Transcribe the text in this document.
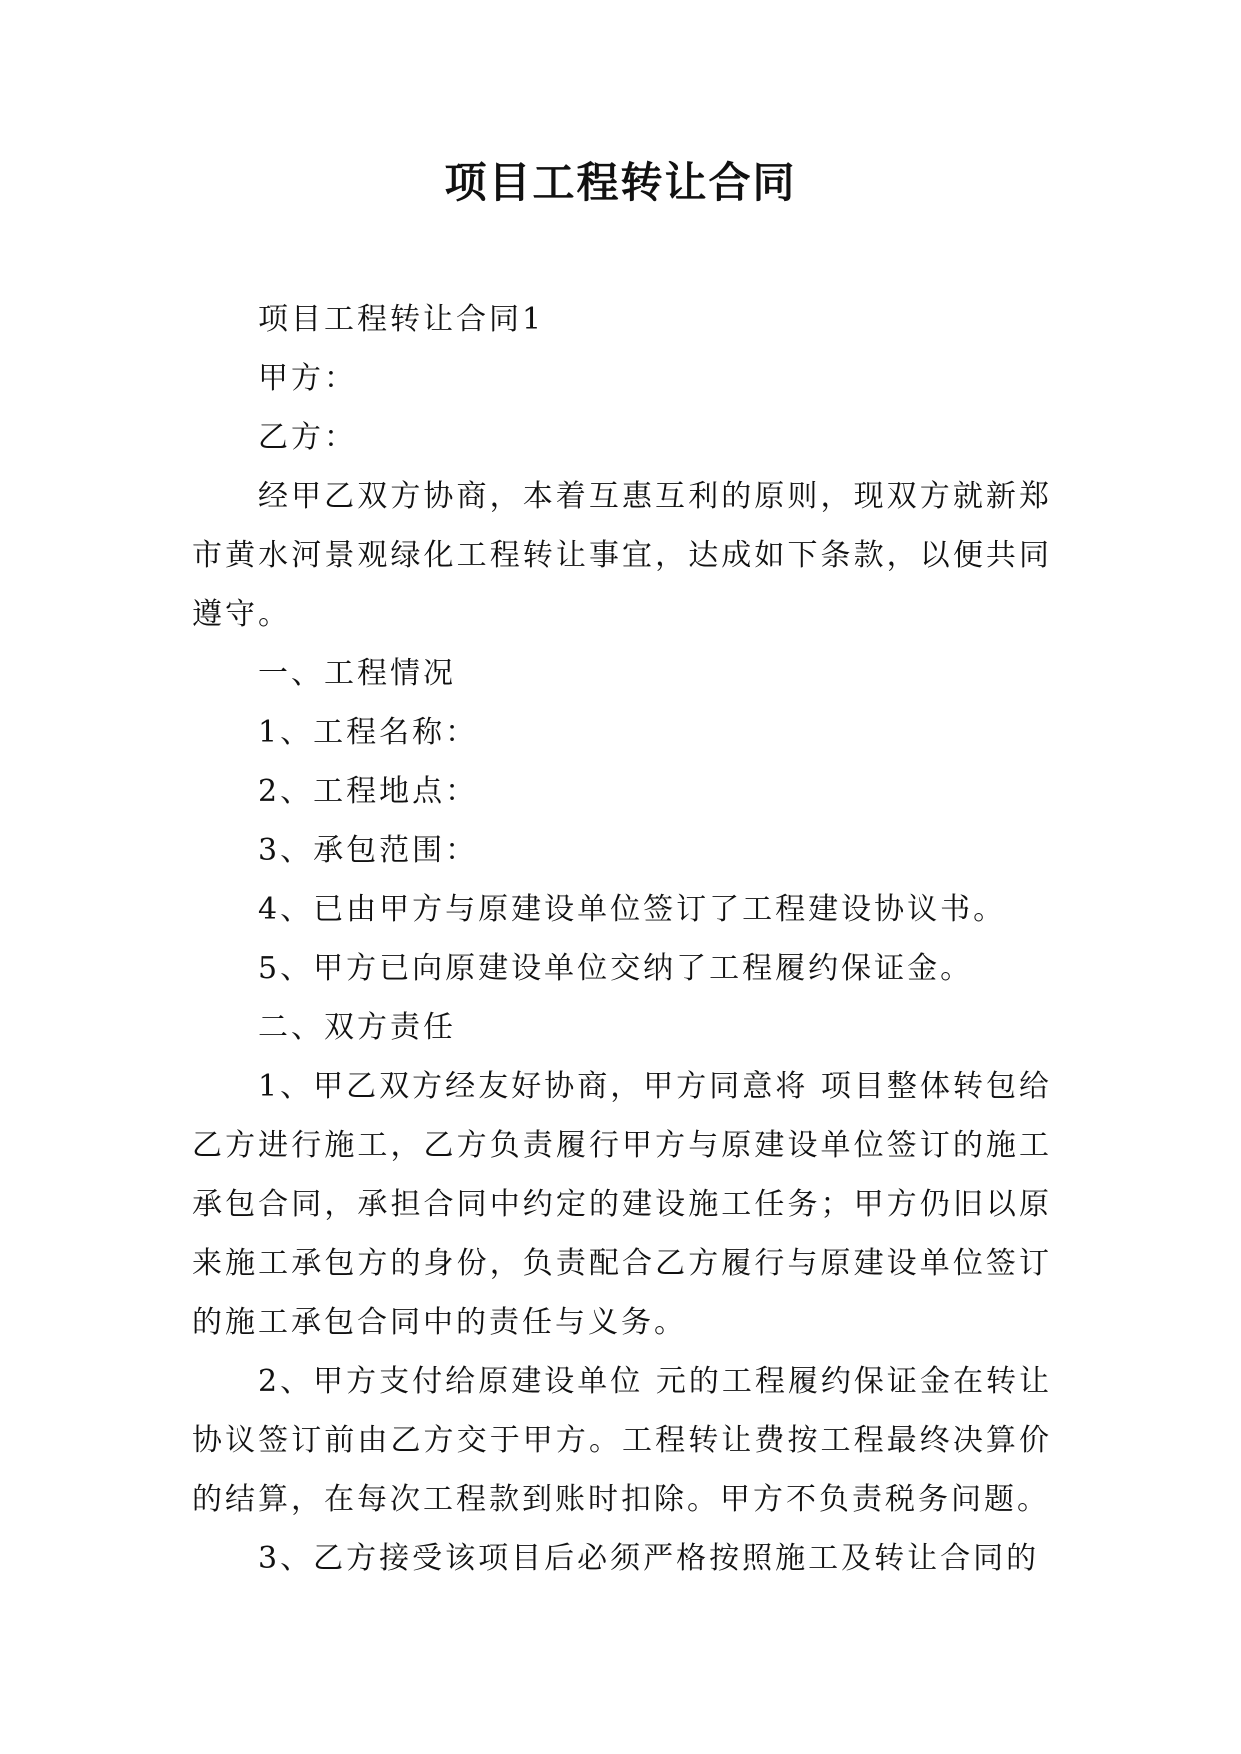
项目工程转让合同

项目工程转让合同1

甲方：

乙方：

经甲乙双方协商，本着互惠互利的原则，现双方就新郑市黄水河景观绿化工程转让事宜，达成如下条款，以便共同遵守。

一、工程情况

1、工程名称：

2、工程地点：

3、承包范围：

4、已由甲方与原建设单位签订了工程建设协议书。

5、甲方已向原建设单位交纳了工程履约保证金。

二、双方责任

1、甲乙双方经友好协商，甲方同意将 项目整体转包给乙方进行施工，乙方负责履行甲方与原建设单位签订的施工承包合同，承担合同中约定的建设施工任务；甲方仍旧以原来施工承包方的身份，负责配合乙方履行与原建设单位签订的施工承包合同中的责任与义务。

2、甲方支付给原建设单位 元的工程履约保证金在转让协议签订前由乙方交于甲方。工程转让费按工程最终决算价的结算，在每次工程款到账时扣除。甲方不负责税务问题。

3、乙方接受该项目后必须严格按照施工及转让合同的
